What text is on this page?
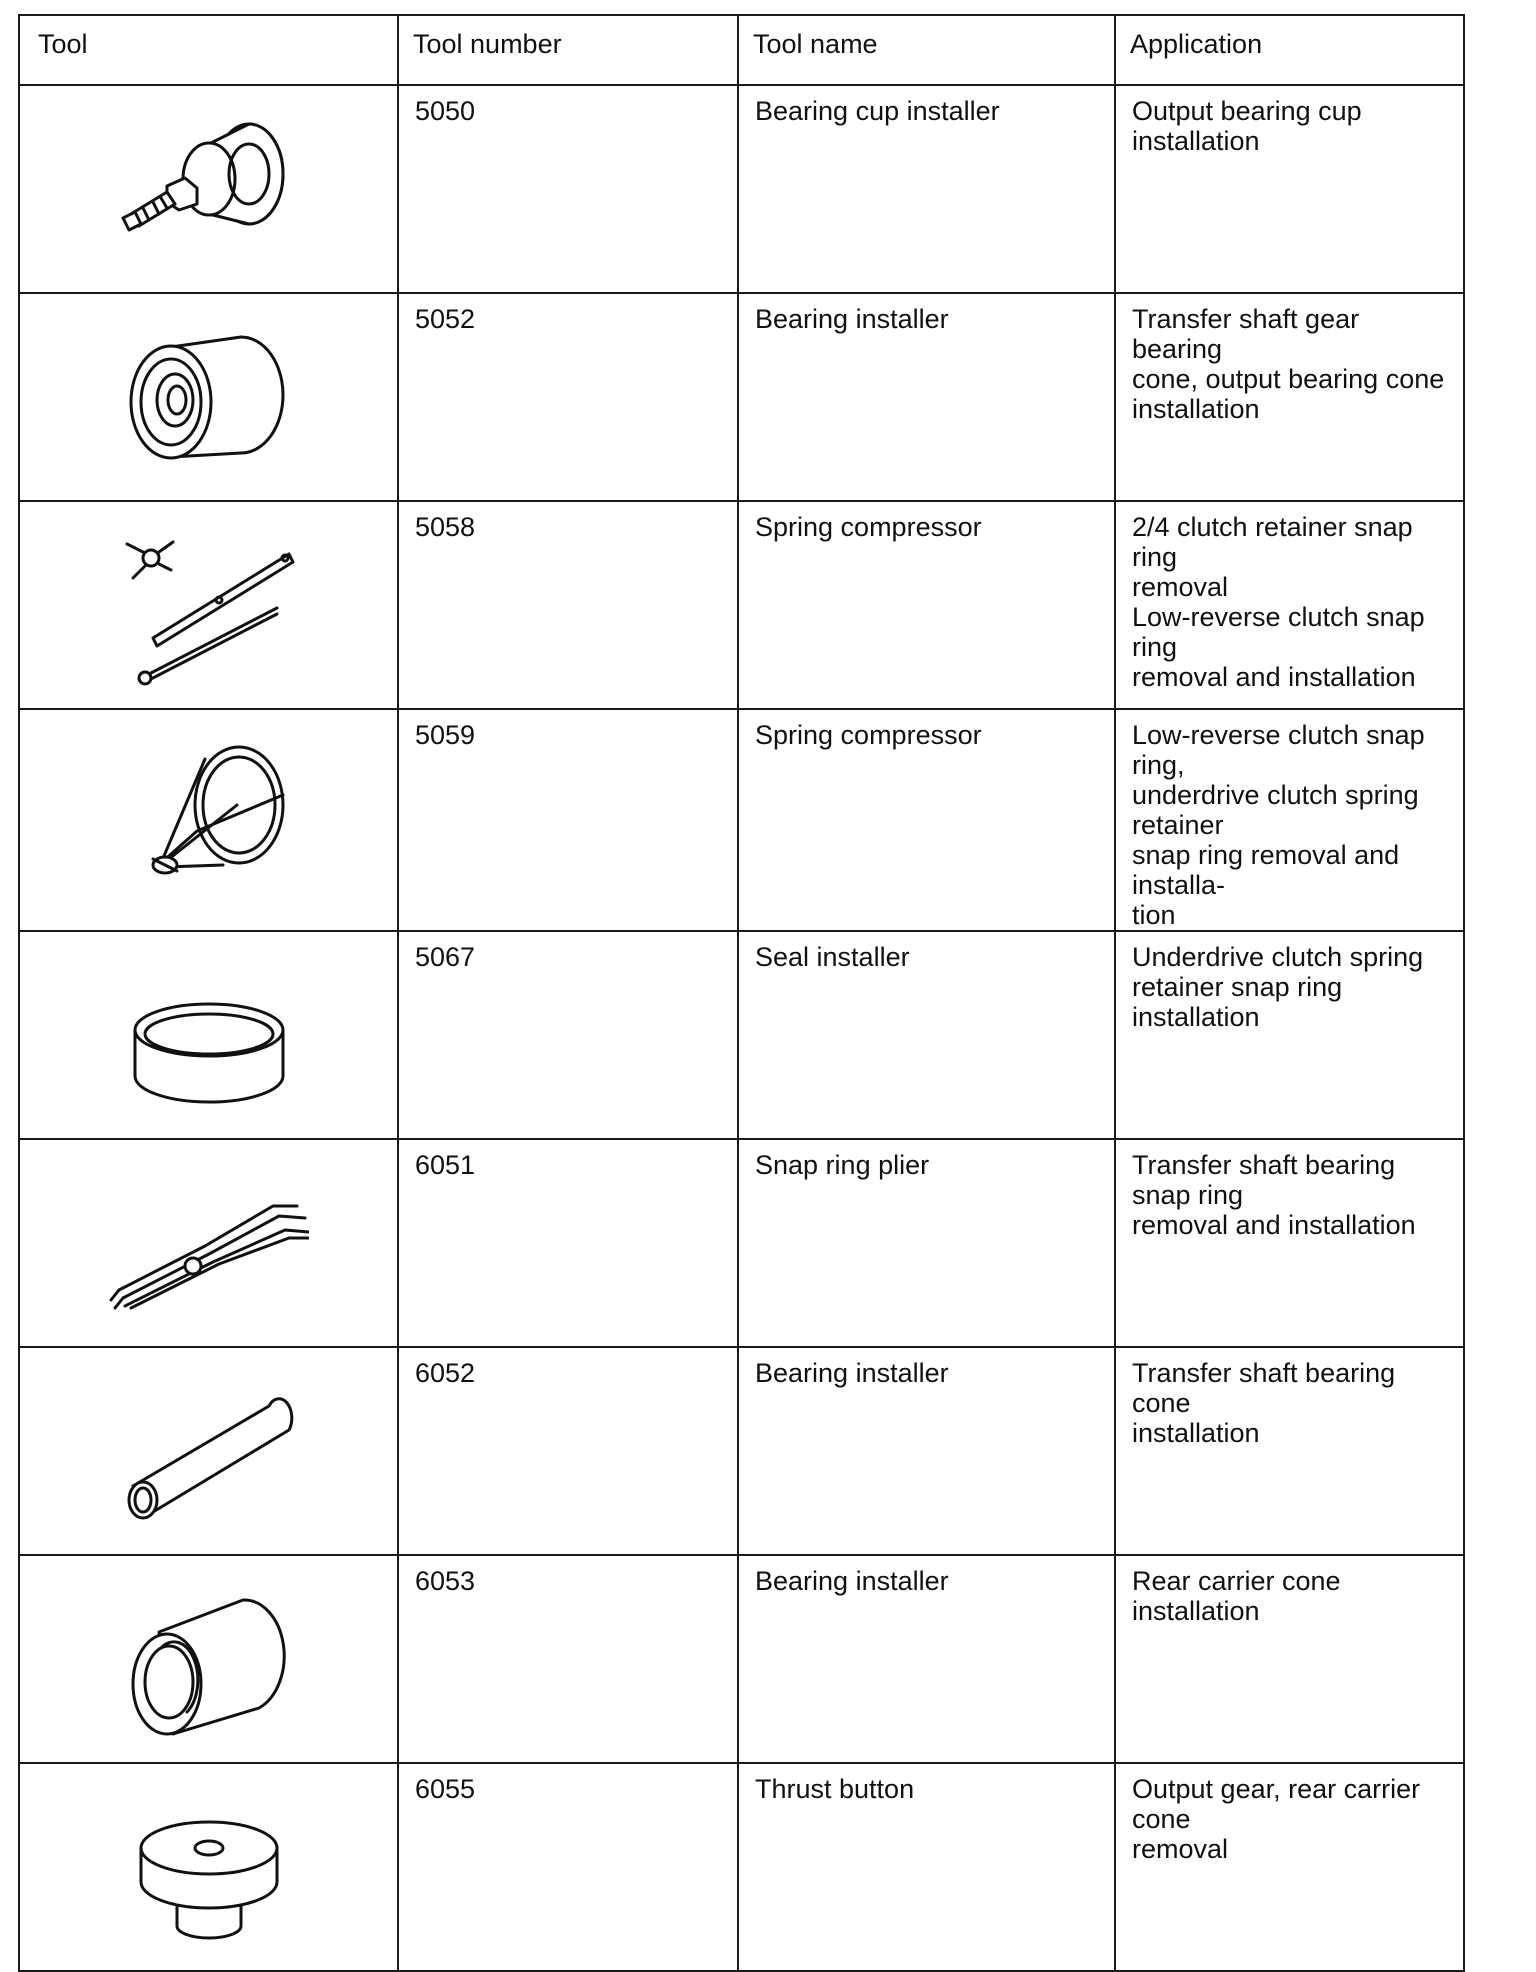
Tool	Tool number	Tool name	Application

	5050	Bearing cup installer	Output bearing cup installation

	5052	Bearing installer	Transfer shaft gear bearing
cone, output bearing cone
installation

	5058	Spring compressor	2/4 clutch retainer snap ring
removal
Low-reverse clutch snap ring
removal and installation

	5059	Spring compressor	Low-reverse clutch snap ring,
underdrive clutch spring retainer
snap ring removal and installa-
tion

	5067	Seal installer	Underdrive clutch spring
retainer snap ring installation

	6051	Snap ring plier	Transfer shaft bearing snap ring
removal and installation

	6052	Bearing installer	Transfer shaft bearing cone
installation

	6053	Bearing installer	Rear carrier cone installation

	6055	Thrust button	Output gear, rear carrier cone
removal
